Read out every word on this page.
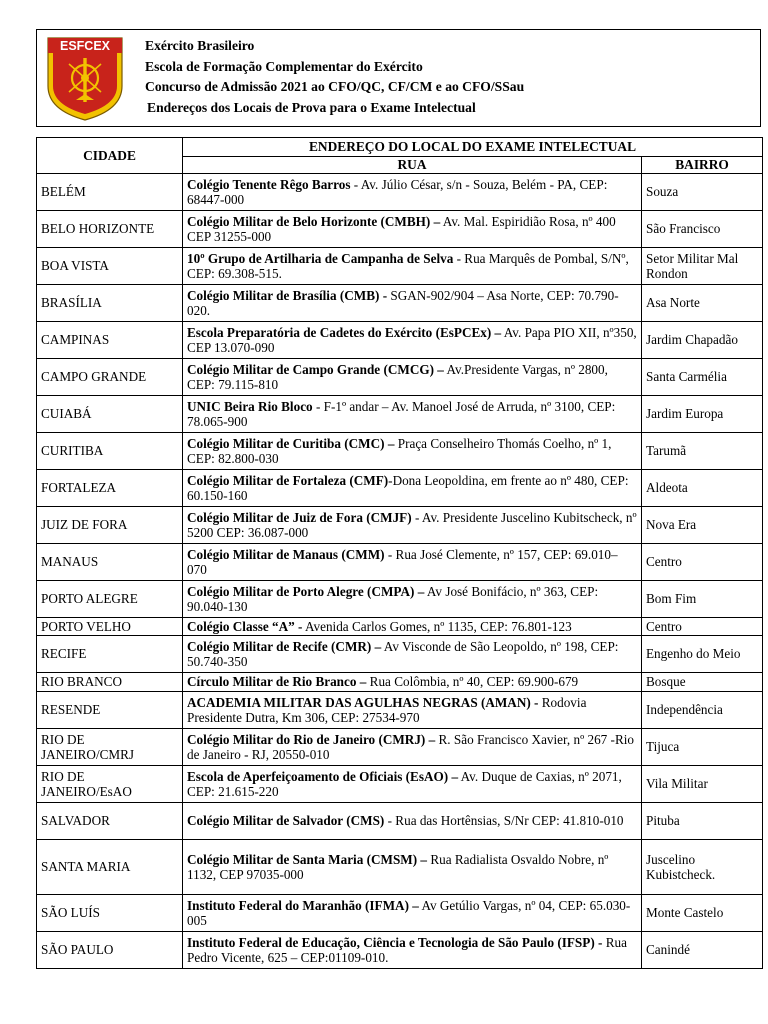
ESFCEX	Exército Brasileiro
Escola de Formação Complementar do Exército
Concurso de Admissão 2021 ao CFO/QC, CF/CM e ao CFO/SSau
Endereços dos Locais de Prova para o Exame Intelectual
CIDADE	ENDEREÇO DO LOCAL DO EXAME INTELECTUAL	
	RUA	BAIRRO
BELÉM	Colégio Tenente Rêgo Barros - Av. Júlio César, s/n - Souza, Belém - PA, CEP: 68447-000	Souza
BELO HORIZONTE	Colégio Militar de Belo Horizonte (CMBH) – Av. Mal. Espiridião Rosa, nº 400 CEP 31255-000	São Francisco
BOA VISTA	10º Grupo de Artilharia de Campanha de Selva - Rua Marquês de Pombal, S/Nº, CEP: 69.308-515.	Setor Militar Mal Rondon
BRASÍLIA	Colégio Militar de Brasília (CMB) - SGAN-902/904 – Asa Norte, CEP: 70.790-020.	Asa Norte
CAMPINAS	Escola Preparatória de Cadetes do Exército (EsPCEx) – Av. Papa PIO XII, nº350, CEP 13.070-090	Jardim Chapadão
CAMPO GRANDE	Colégio Militar de Campo Grande (CMCG) – Av.Presidente Vargas, nº 2800, CEP: 79.115-810	Santa Carmélia
CUIABÁ	UNIC Beira Rio Bloco - F-1º andar – Av. Manoel José de Arruda, nº 3100, CEP: 78.065-900	Jardim Europa
CURITIBA	Colégio Militar de Curitiba (CMC) – Praça Conselheiro Thomás Coelho, nº 1, CEP: 82.800-030	Tarumã
FORTALEZA	Colégio Militar de Fortaleza (CMF)-Dona Leopoldina, em frente ao nº 480, CEP: 60.150-160	Aldeota
JUIZ DE FORA	Colégio Militar de Juiz de Fora (CMJF) - Av. Presidente Juscelino Kubitscheck, nº 5200 CEP: 36.087-000	Nova Era
MANAUS	Colégio Militar de Manaus (CMM) - Rua José Clemente, nº 157, CEP: 69.010–070	Centro
PORTO ALEGRE	Colégio Militar de Porto Alegre (CMPA) – Av José Bonifácio, nº 363, CEP: 90.040-130	Bom Fim
PORTO VELHO	Colégio Classe “A” - Avenida Carlos Gomes, nº 1135, CEP: 76.801-123	Centro
RECIFE	Colégio Militar de Recife (CMR) – Av Visconde de São Leopoldo, nº 198, CEP: 50.740-350	Engenho do Meio
RIO BRANCO	Círculo Militar de Rio Branco – Rua Colômbia, nº 40, CEP: 69.900-679	Bosque
RESENDE	ACADEMIA MILITAR DAS AGULHAS NEGRAS (AMAN) - Rodovia Presidente Dutra, Km 306, CEP: 27534-970	Independência
RIO DE JANEIRO/CMRJ	Colégio Militar do Rio de Janeiro (CMRJ) – R. São Francisco Xavier, nº 267 -Rio de Janeiro - RJ, 20550-010	Tijuca
RIO DE JANEIRO/EsAO	Escola de Aperfeiçoamento de Oficiais (EsAO) – Av. Duque de Caxias, nº 2071, CEP: 21.615-220	Vila Militar
SALVADOR	Colégio Militar de Salvador (CMS) - Rua das Hortênsias, S/Nr CEP: 41.810-010	Pituba
SANTA MARIA	Colégio Militar de Santa Maria (CMSM) – Rua Radialista Osvaldo Nobre, nº 1132, CEP 97035-000	Juscelino Kubistcheck.
SÃO LUÍS	Instituto Federal do Maranhão (IFMA) – Av Getúlio Vargas, nº 04, CEP: 65.030-005	Monte Castelo
SÃO PAULO	Instituto Federal de Educação, Ciência e Tecnologia de São Paulo (IFSP) - Rua Pedro Vicente, 625 – CEP:01109-010.	Canindé
